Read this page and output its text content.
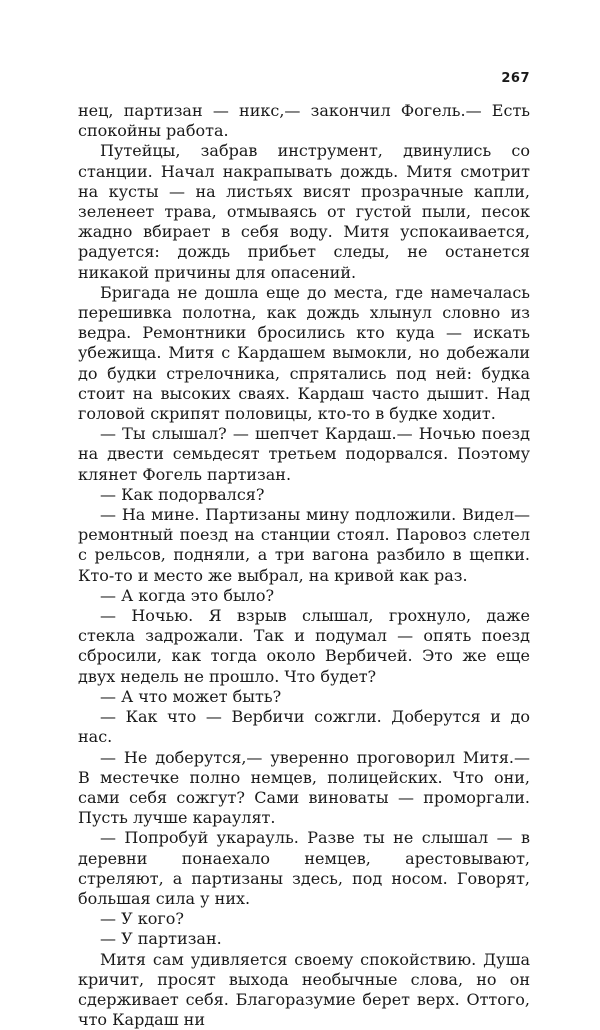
267

нец, партизан — никс,— закончил Фогель.— Есть спокойны работа.

Путейцы, забрав инструмент, двинулись со станции. Начал накрапывать дождь. Митя смотрит на кусты — на листьях висят прозрачные капли, зеленеет трава, отмываясь от густой пыли, песок жадно вбирает в себя воду. Митя успокаивается, радуется: дождь прибьет следы, не останется никакой причины для опасений.

Бригада не дошла еще до места, где намечалась перешивка полотна, как дождь хлынул словно из ведра. Ремонтники бросились кто куда — искать убежища. Митя с Кардашем вымокли, но добежали до будки стрелочника, спрятались под ней: будка стоит на высоких сваях. Кардаш часто дышит. Над головой скрипят половицы, кто-то в будке ходит.

— Ты слышал? — шепчет Кардаш.— Ночью поезд на двести семьдесят третьем подорвался. Поэтому клянет Фогель партизан.

— Как подорвался?

— На мине. Партизаны мину подложили. Видел—ремонтный поезд на станции стоял. Паровоз слетел с рельсов, подняли, а три вагона разбило в щепки. Кто-то и место же выбрал, на кривой как раз.

— А когда это было?

— Ночью. Я взрыв слышал, грохнуло, даже стекла задрожали. Так и подумал — опять поезд сбросили, как тогда около Вербичей. Это же еще двух недель не прошло. Что будет?

— А что может быть?

— Как что — Вербичи сожгли. Доберутся и до нас.

— Не доберутся,— уверенно проговорил Митя.— В местечке полно немцев, полицейских. Что они, сами себя сожгут? Сами виноваты — проморгали. Пусть лучше караулят.

— Попробуй укарауль. Разве ты не слышал — в деревни понаехало немцев, арестовывают, стреляют, а партизаны здесь, под носом. Говорят, большая сила у них.

— У кого?

— У партизан.

Митя сам удивляется своему спокойствию. Душа кричит, просят выхода необычные слова, но он сдерживает себя. Благоразумие берет верх. Оттого, что Кардаш ни
